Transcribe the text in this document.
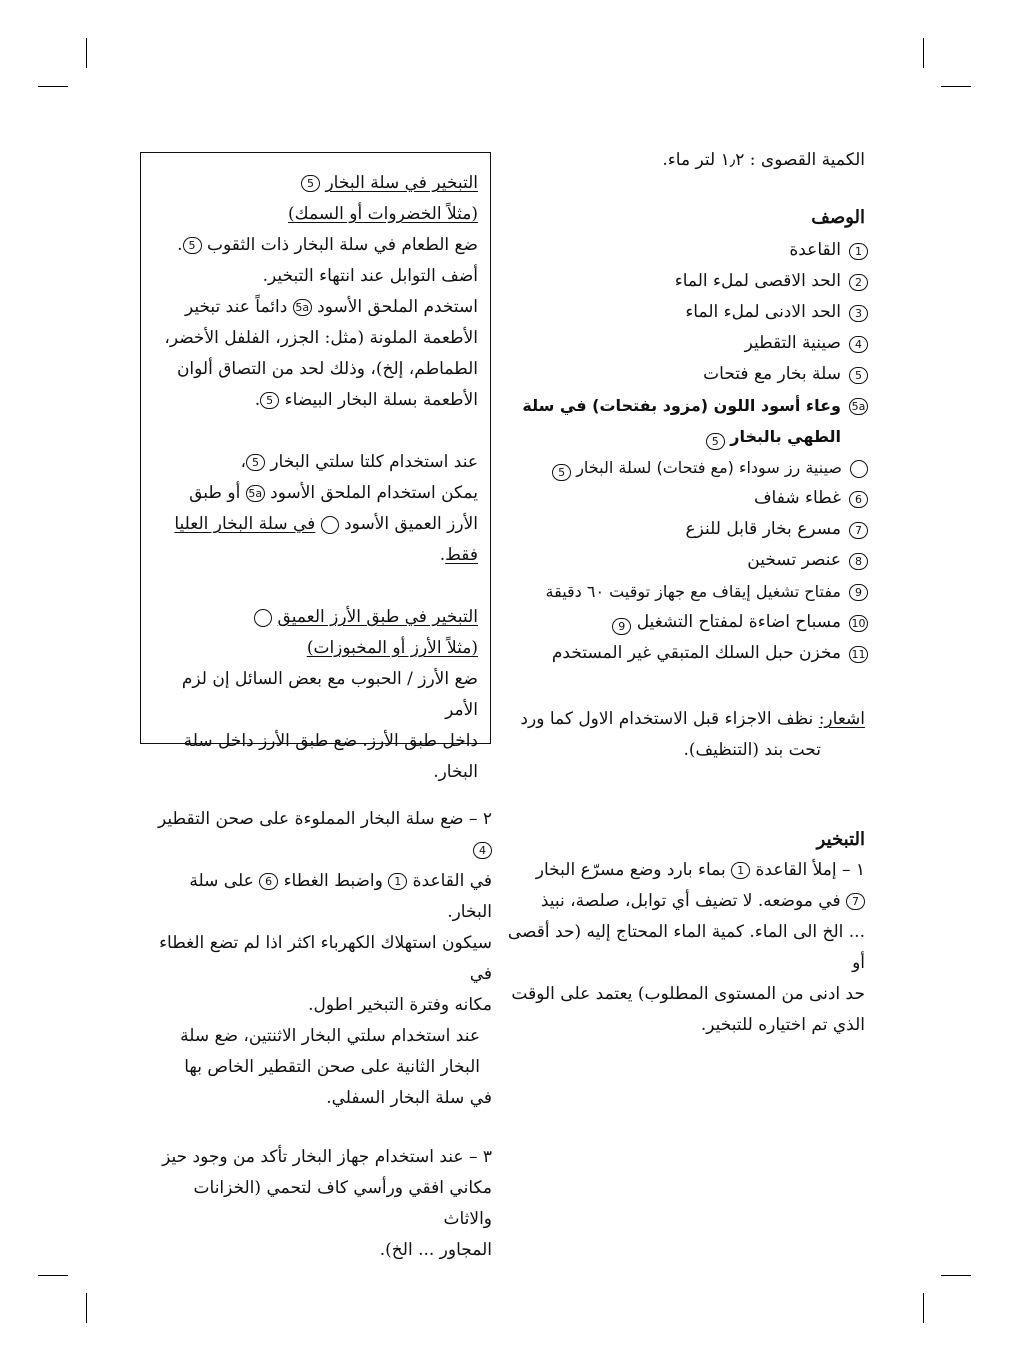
الكمية القصوى : ١٫٢ لتر ماء.

الوصف

1
القاعدة
2
الحد الاقصى لملء الماء
3
الحد الادنى لملء الماء
4
صينية التقطير
5
سلة بخار مع فتحات
5a
وعاء أسود اللون (مزود بفتحات) في سلة الطهي بالبخار 5
صينية رز سوداء (مع فتحات) لسلة البخار 5
6
غطاء شفاف
7
مسرع بخار قابل للنزع
8
عنصر تسخين
9
مفتاح تشغيل إيقاف مع جهاز توقيت ٦٠ دقيقة
10
مسباح اضاءة لمفتاح التشغيل 9
11
مخزن حبل السلك المتبقي غير المستخدم

اشعار: نظف الاجزاء قبل الاستخدام الاول كما ورد

تحت بند (التنظيف).

التبخير

١ – إملأ القاعدة 1 بماء بارد وضع مسرّع البخار

7 في موضعه. لا تضيف أي توابل، صلصة، نبيذ

... الخ الى الماء. كمية الماء المحتاج إليه (حد أقصى أو

حد ادنى من المستوى المطلوب) يعتمد على الوقت

الذي تم اختياره للتبخير.

التبخير في سلة البخار 5

(مثلاً الخضروات أو السمك)

ضع الطعام في سلة البخار ذات الثقوب 5.

أضف التوابل عند انتهاء التبخير.

استخدم الملحق الأسود 5a دائماً عند تبخير

الأطعمة الملونة (مثل: الجزر، الفلفل الأخضر،

الطماطم، إلخ)، وذلك لحد من التصاق ألوان

الأطعمة بسلة البخار البيضاء 5.

عند استخدام كلتا سلتي البخار 5،

يمكن استخدام الملحق الأسود 5a أو طبق

الأرز العميق الأسود  في سلة البخار العليا فقط.

التبخير في طبق الأرز العميق

(مثلاً الأرز أو المخبوزات)

ضع الأرز / الحبوب مع بعض السائل إن لزم الأمر

داخل طبق الأرز. ضع طبق الأرز داخل سلة

البخار.

٢ – ضع سلة البخار المملوءة على صحن التقطير 4

في القاعدة 1 واضبط الغطاء 6 على سلة البخار.

سيكون استهلاك الكهرباء اكثر اذا لم تضع الغطاء في

مكانه وفترة التبخير اطول.

عند استخدام سلتي البخار الاثنتين، ضع سلة

البخار الثانية على صحن التقطير الخاص بها

في سلة البخار السفلي.

٣ – عند استخدام جهاز البخار تأكد من وجود حيز

مكاني افقي ورأسي كاف لتحمي (الخزانات والاثاث

المجاور ... الخ).
